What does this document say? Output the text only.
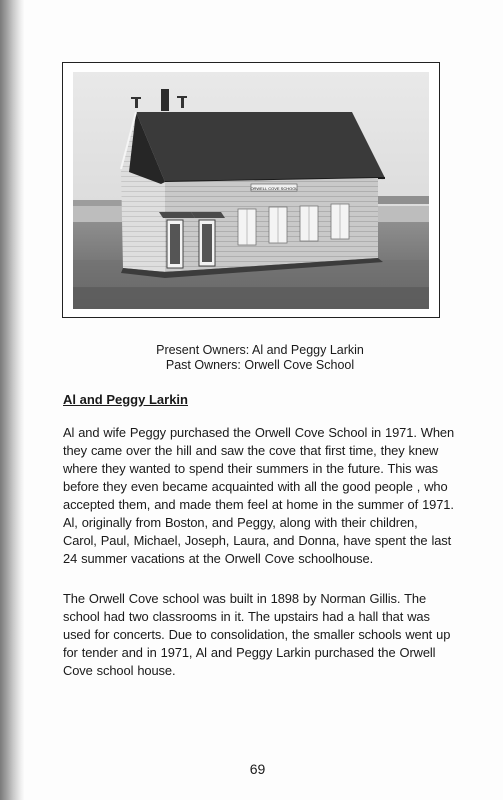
ORWELL COVE SCHOOL
Present Owners: Al and Peggy Larkin
Past Owners: Orwell Cove School
Al and Peggy Larkin

Al and wife Peggy purchased the Orwell Cove School in 1971. When they came over the hill and saw the cove that first time, they knew where they wanted to spend their summers in the future. This was before they even became acquainted with all the good people , who accepted them, and made them feel at home in the summer of 1971. Al, originally from Boston, and Peggy, along with their children, Carol, Paul, Michael, Joseph, Laura, and Donna, have spent the last 24 summer vacations at the Orwell Cove schoolhouse.

The Orwell Cove school was built in 1898 by Norman Gillis. The school had two classrooms in it. The upstairs had a hall that was used for concerts. Due to consolidation, the smaller schools went up for tender and in 1971, Al and Peggy Larkin purchased the Orwell Cove school house.

69
